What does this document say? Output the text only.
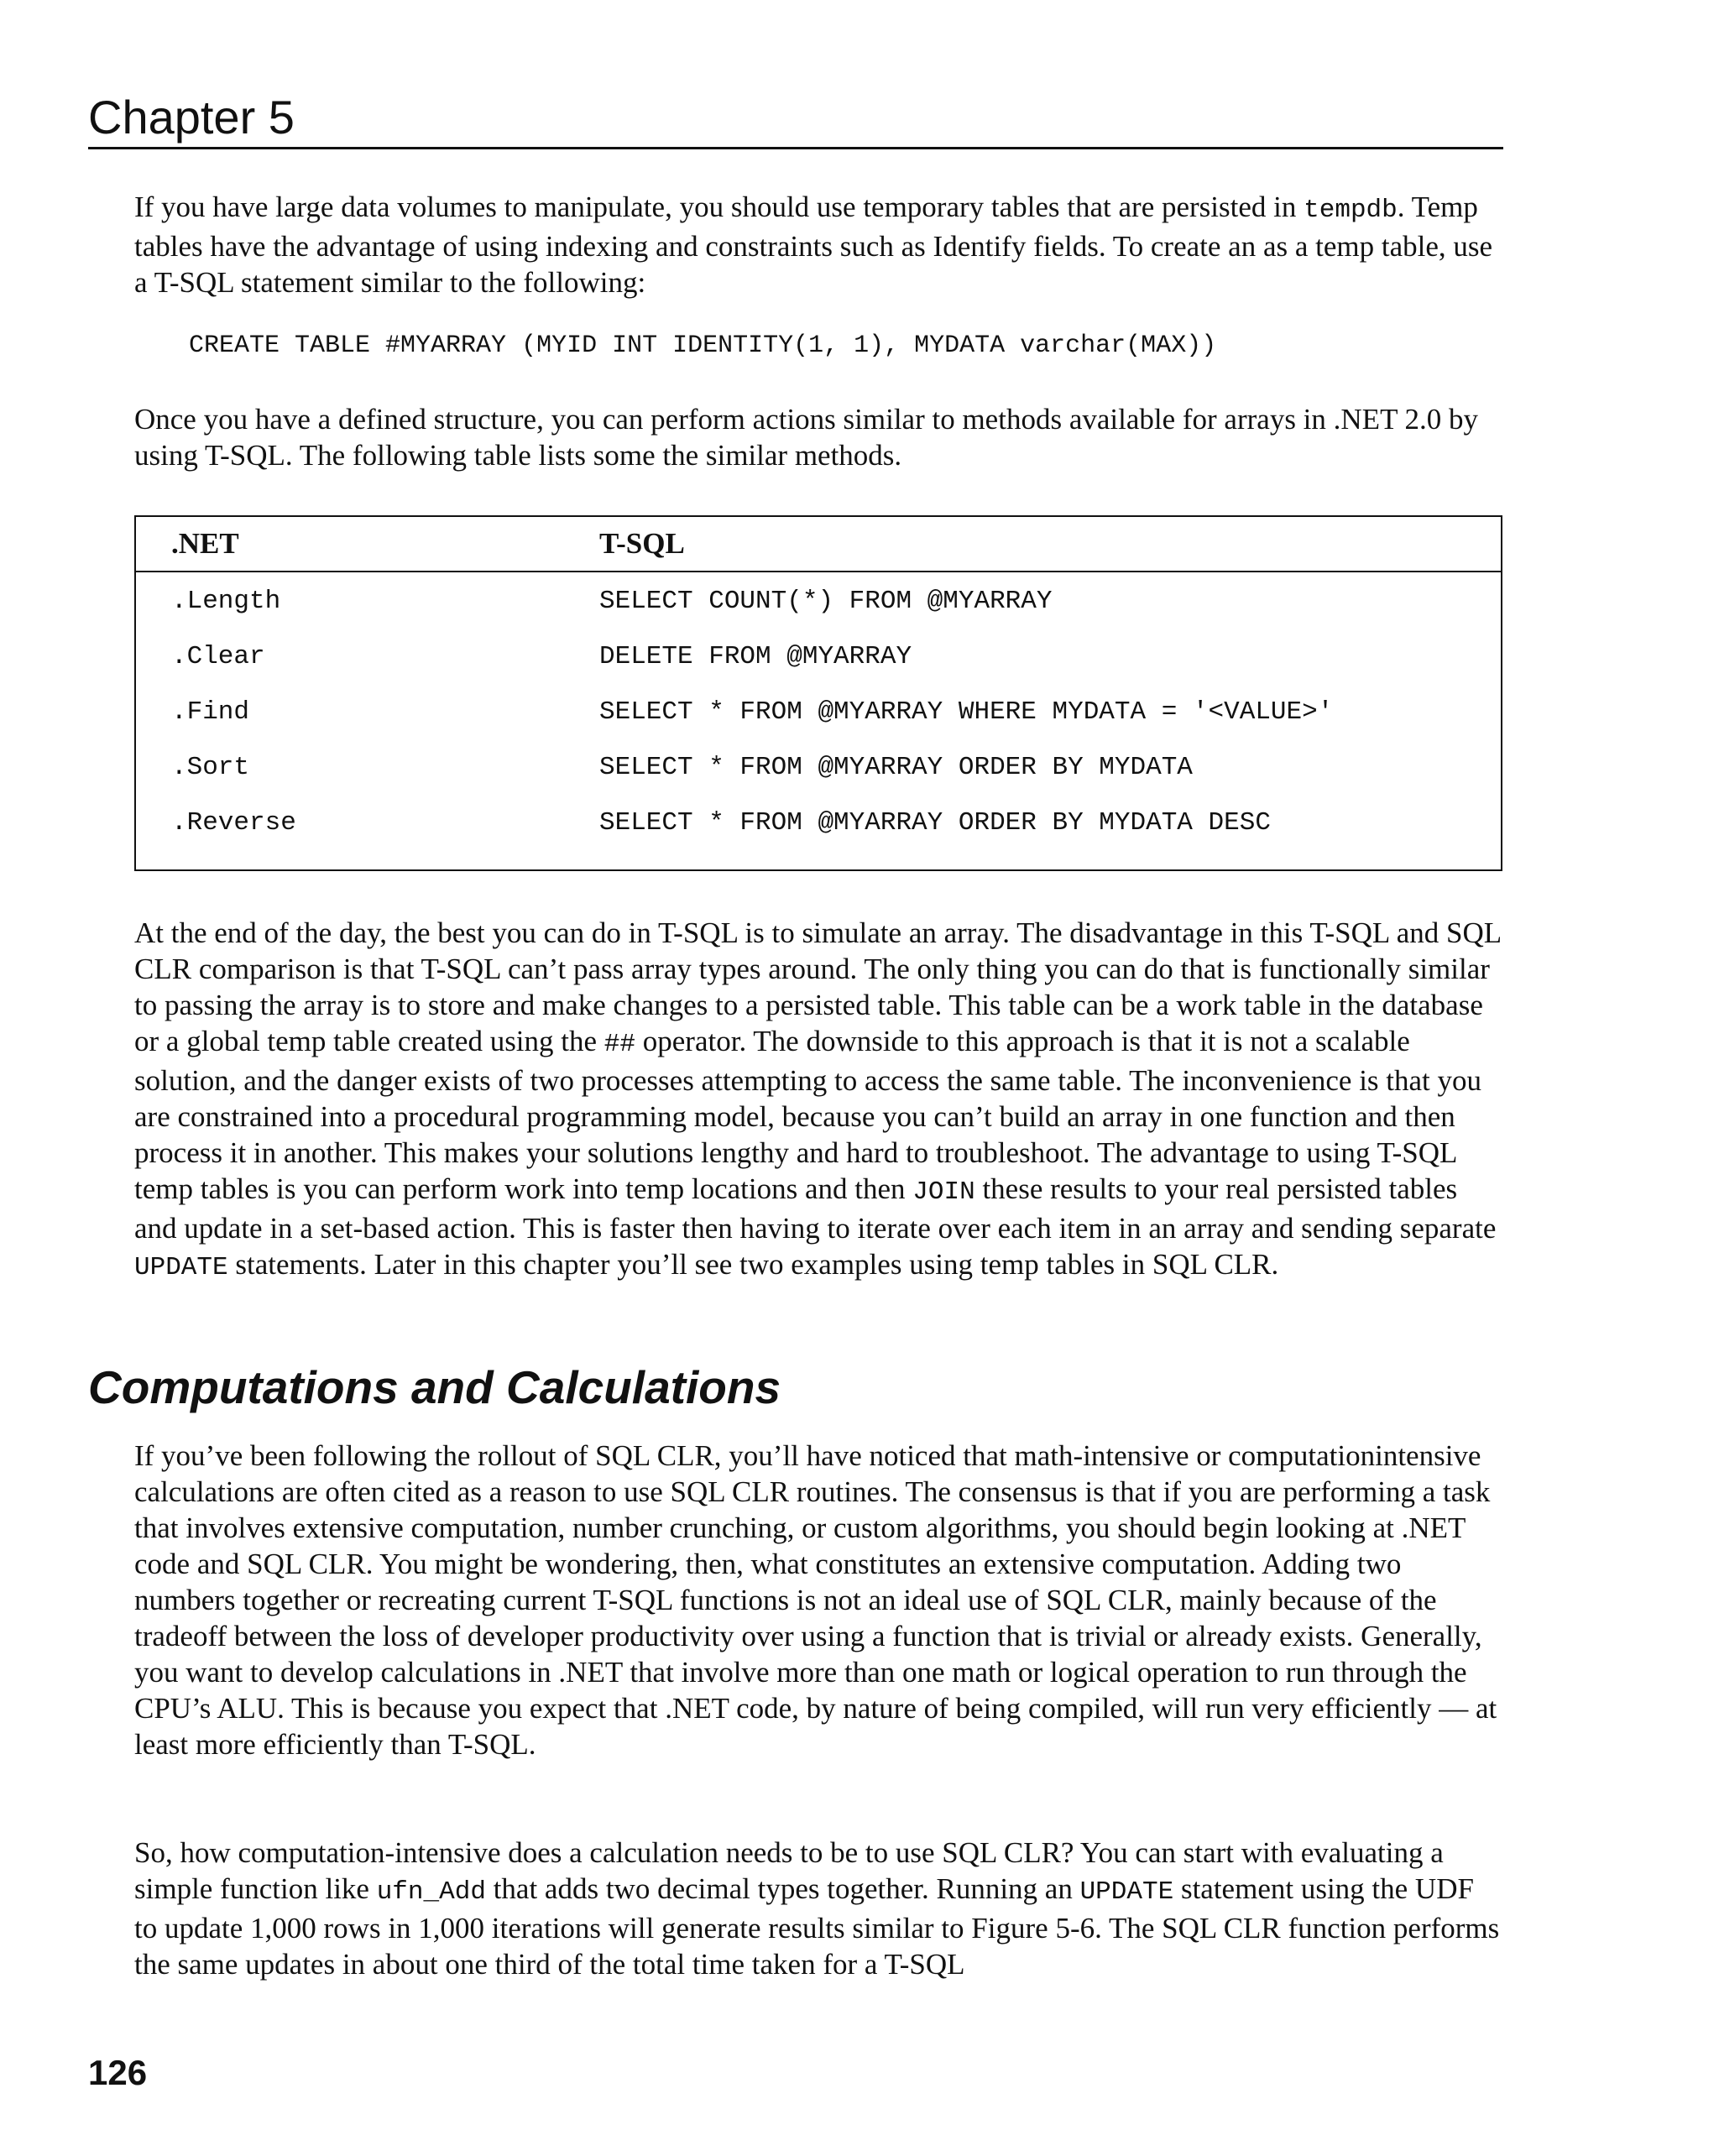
Chapter 5

If you have large data volumes to manipulate, you should use temporary tables that are persisted in tempdb. Temp tables have the advantage of using indexing and constraints such as Identify fields. To create an as a temp table, use a T-SQL statement similar to the following:

CREATE TABLE #MYARRAY (MYID INT IDENTITY(1, 1), MYDATA varchar(MAX))

Once you have a defined structure, you can perform actions similar to methods available for arrays in .NET 2.0 by using T-SQL. The following table lists some the similar methods.

.NET	T-SQL
.Length	SELECT COUNT(*) FROM @MYARRAY
.Clear	DELETE FROM @MYARRAY
.Find	SELECT * FROM @MYARRAY WHERE MYDATA = '<VALUE>'
.Sort	SELECT * FROM @MYARRAY ORDER BY MYDATA
.Reverse	SELECT * FROM @MYARRAY ORDER BY MYDATA DESC

At the end of the day, the best you can do in T-SQL is to simulate an array. The disadvantage in this T-SQL and SQL CLR comparison is that T-SQL can’t pass array types around. The only thing you can do that is functionally similar to passing the array is to store and make changes to a persisted table. This table can be a work table in the database or a global temp table created using the ## operator. The downside to this approach is that it is not a scalable solution, and the danger exists of two processes attempting to access the same table. The inconvenience is that you are constrained into a procedural programming model, because you can’t build an array in one function and then process it in another. This makes your solutions lengthy and hard to troubleshoot. The advantage to using T-SQL temp tables is you can perform work into temp locations and then JOIN these results to your real persisted tables and update in a set-based action. This is faster then having to iterate over each item in an array and sending separate UPDATE statements. Later in this chapter you’ll see two examples using temp tables in SQL CLR.

Computations and Calculations

If you’ve been following the rollout of SQL CLR, you’ll have noticed that math-intensive or computationintensive calculations are often cited as a reason to use SQL CLR routines. The consensus is that if you are performing a task that involves extensive computation, number crunching, or custom algorithms, you should begin looking at .NET code and SQL CLR. You might be wondering, then, what constitutes an extensive computation. Adding two numbers together or recreating current T-SQL functions is not an ideal use of SQL CLR, mainly because of the tradeoff between the loss of developer productivity over using a function that is trivial or already exists. Generally, you want to develop calculations in .NET that involve more than one math or logical operation to run through the CPU’s ALU. This is because you expect that .NET code, by nature of being compiled, will run very efficiently — at least more efficiently than T-SQL.

So, how computation-intensive does a calculation needs to be to use SQL CLR? You can start with evaluating a simple function like ufn_Add that adds two decimal types together. Running an UPDATE statement using the UDF to update 1,000 rows in 1,000 iterations will generate results similar to Figure 5-6. The SQL CLR function performs the same updates in about one third of the total time taken for a T-SQL

126
